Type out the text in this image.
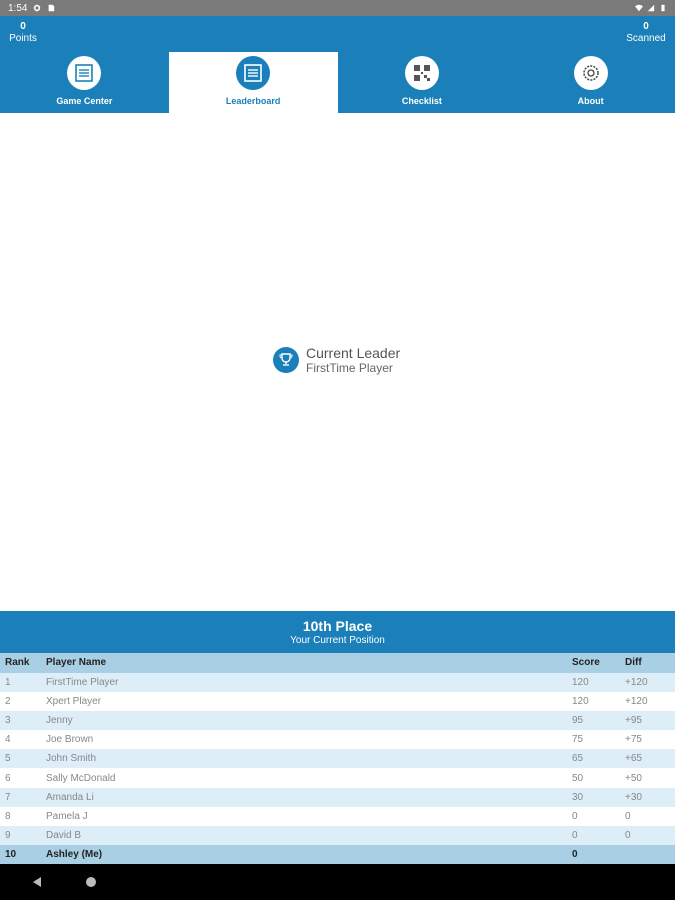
1:54
0
Points
0
Scanned
Game Center	Leaderboard	Checklist	About
Current Leader
FirstTime Player
10th Place
Your Current Position
Rank	Player Name	Score	Diff
1	FirstTime Player	120	+120
2	Xpert Player	120	+120
3	Jenny	95	+95
4	Joe Brown	75	+75
5	John Smith	65	+65
6	Sally McDonald	50	+50
7	Amanda Li	30	+30
8	Pamela J	0	0
9	David B	0	0
10	Ashley (Me)	0
